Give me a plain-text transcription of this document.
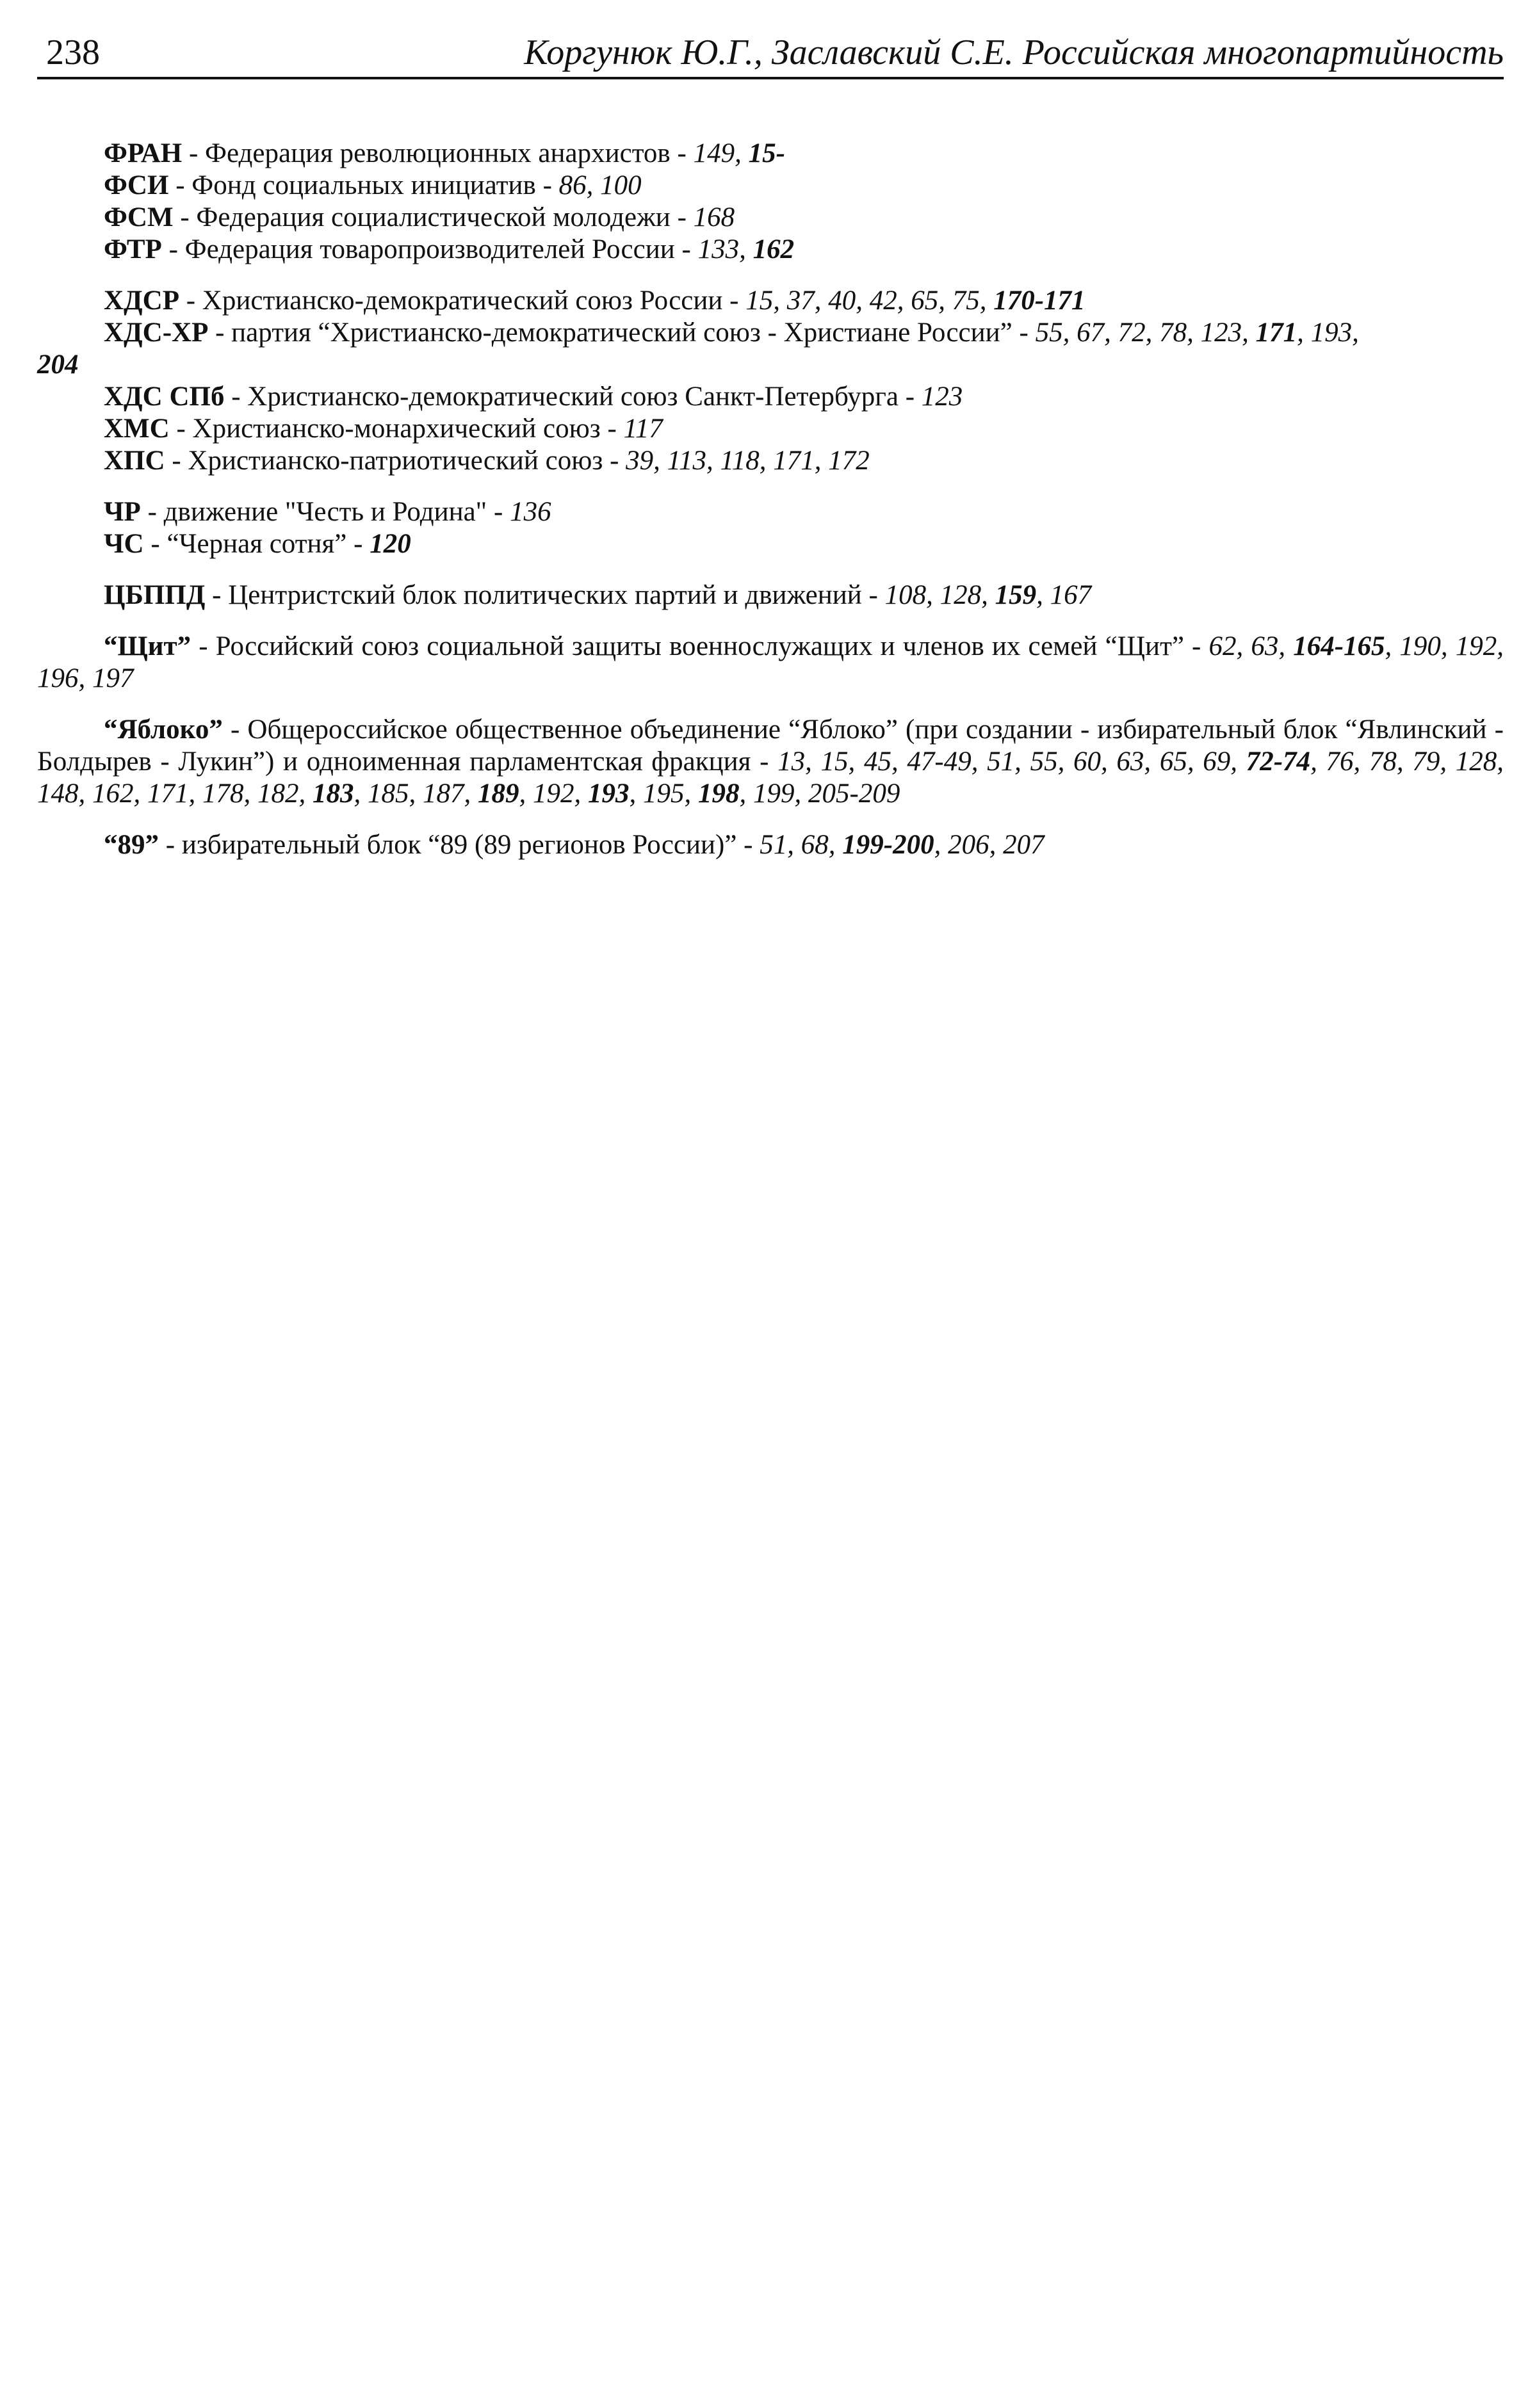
238	Коргунюк Ю.Г., Заславский С.Е. Российская многопартийность
ФРАН - Федерация революционных анархистов - 149, 15-
ФСИ - Фонд социальных инициатив - 86, 100
ФСМ - Федерация социалистической молодежи - 168
ФТР - Федерация товаропроизводителей России - 133, 162
ХДСР - Христианско-демократический союз России - 15, 37, 40, 42, 65, 75, 170-171
ХДС-ХР - партия “Христианско-демократический союз - Христиане России” - 55, 67, 72, 78, 123, 171, 193,
204
ХДС СПб - Христианско-демократический союз Санкт-Петербурга - 123
ХМС - Христианско-монархический союз - 117
ХПС - Христианско-патриотический союз - 39, 113, 118, 171, 172
ЧР - движение "Честь и Родина" - 136
ЧС - “Черная сотня” - 120
ЦБППД - Центристский блок политических партий и движений - 108, 128, 159, 167
“Щит” - Российский союз социальной защиты военнослужащих и членов их семей “Щит” - 62, 63, 164-165, 190, 192, 196, 197
“Яблоко” - Общероссийское общественное объединение “Яблоко” (при создании - избирательный блок “Явлинский - Болдырев - Лукин”) и одноименная парламентская фракция - 13, 15, 45, 47-49, 51, 55, 60, 63, 65, 69, 72-74, 76, 78, 79, 128, 148, 162, 171, 178, 182, 183, 185, 187, 189, 192, 193, 195, 198, 199, 205-209
“89” - избирательный блок “89 (89 регионов России)” - 51, 68, 199-200, 206, 207
